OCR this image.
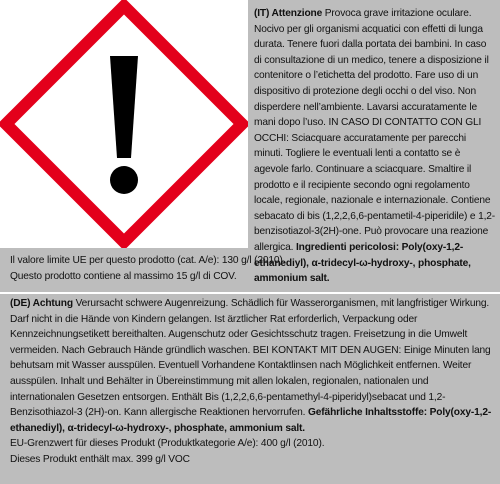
(IT) Attenzione Provoca grave irritazione oculare. Nocivo per gli organismi acquatici con effetti di lunga durata. Tenere fuori dalla portata dei bambini. In caso di consultazione di un medico, tenere a disposizione il contenitore o l’etichetta del prodotto. Fare uso di un dispositivo di protezione degli occhi o del viso. Non disperdere nell’ambiente. Lavarsi accuratamente le mani dopo l’uso. IN CASO DI CONTATTO CON GLI OCCHI: Sciacquare accuratamente per parecchi minuti. Togliere le eventuali lenti a contatto se è agevole farlo. Continuare a sciacquare. Smaltire il prodotto e il recipiente secondo ogni regolamento locale, regionale, nazionale e internazionale. Contiene sebacato di bis (1,2,2,6,6-pentametil-4-piperidile) e 1,2-benzisotiazol-3(2H)-one. Può provocare una reazione allergica. Ingredienti pericolosi: Poly(oxy-1,2-ethanediyl), α-tridecyl-ω-hydroxy-, phosphate, ammonium salt.

Il valore limite UE per questo prodotto (cat. A/e): 130 g/l (2010).

Questo prodotto contiene al massimo 15 g/l di COV.

(DE) Achtung Verursacht schwere Augenreizung. Schädlich für Wasserorganismen, mit langfristiger Wirkung. Darf nicht in die Hände von Kindern gelangen. Ist ärztlicher Rat erforderlich, Verpackung oder Kennzeichnungsetikett bereithalten. Augenschutz oder Gesichtsschutz tragen. Freisetzung in die Umwelt vermeiden. Nach Gebrauch Hände gründlich waschen. BEI KONTAKT MIT DEN AUGEN: Einige Minuten lang behutsam mit Wasser ausspülen. Eventuell Vorhandene Kontaktlinsen nach Möglichkeit entfernen. Weiter ausspülen. Inhalt und Behälter in Übereinstimmung mit allen lokalen, regionalen, nationalen und internationalen Gesetzen entsorgen. Enthält Bis (1,2,2,6,6-pentamethyl-4-piperidyl)sebacat und 1,2-Benzisothiazol-3 (2H)-on. Kann allergische Reaktionen hervorrufen. Gefährliche Inhaltsstoffe: Poly(oxy-1,2-ethanediyl), α-tridecyl-ω-hydroxy-, phosphate, ammonium salt.

EU-Grenzwert für dieses Produkt (Produktkategorie A/e): 400 g/l (2010).

Dieses Produkt enthält max. 399 g/l VOC
